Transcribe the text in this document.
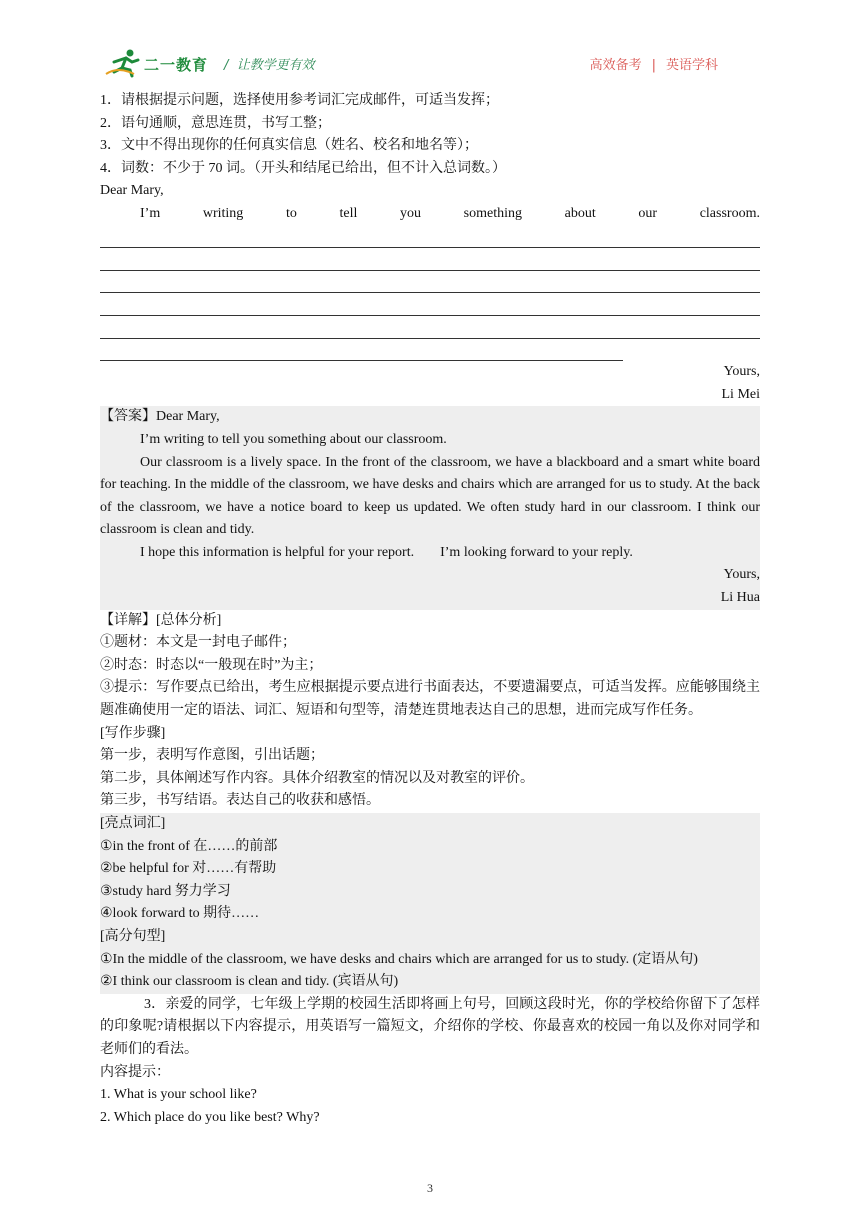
二一教育 / 让教学更有效	高效备考 | 英语学科
1．请根据提示问题，选择使用参考词汇完成邮件，可适当发挥；
2．语句通顺，意思连贯，书写工整；
3．文中不得出现你的任何真实信息（姓名、校名和地名等）；
4．词数：不少于 70 词。（开头和结尾已给出，但不计入总词数。）
Dear Mary,
I’m	writing	to	tell	you	something	about	our	classroom.
Yours,
Li Mei
【答案】Dear Mary,
I’m writing to tell you something about our classroom.
Our classroom is a lively space. In the front of the classroom, we have a blackboard and a smart white board for teaching. In the middle of the classroom, we have desks and chairs which are arranged for us to study. At the back of the classroom, we have a notice board to keep us updated. We often study hard in our classroom. I think our classroom is clean and tidy.
I hope this information is helpful for your report. I’m looking forward to your reply.
Yours,
Li Hua
【详解】[总体分析]
①题材：本文是一封电子邮件；
②时态：时态以“一般现在时”为主；
③提示：写作要点已给出，考生应根据提示要点进行书面表达，不要遗漏要点，可适当发挥。应能够围绕主题准确使用一定的语法、词汇、短语和句型等，清楚连贯地表达自己的思想，进而完成写作任务。
[写作步骤]
第一步，表明写作意图，引出话题；
第二步，具体阐述写作内容。具体介绍教室的情况以及对教室的评价。
第三步，书写结语。表达自己的收获和感悟。
[亮点词汇]
①in the front of 在……的前部
②be helpful for 对……有帮助
③study hard 努力学习
④look forward to 期待……
[高分句型]
①In the middle of the classroom, we have desks and chairs which are arranged for us to study. (定语从句)
②I think our classroom is clean and tidy. (宾语从句)
3．亲爱的同学，七年级上学期的校园生活即将画上句号，回顾这段时光，你的学校给你留下了怎样的印象呢?请根据以下内容提示，用英语写一篇短文，介绍你的学校、你最喜欢的校园一角以及你对同学和老师们的看法。
内容提示：
1. What is your school like?
2. Which place do you like best? Why?
3
